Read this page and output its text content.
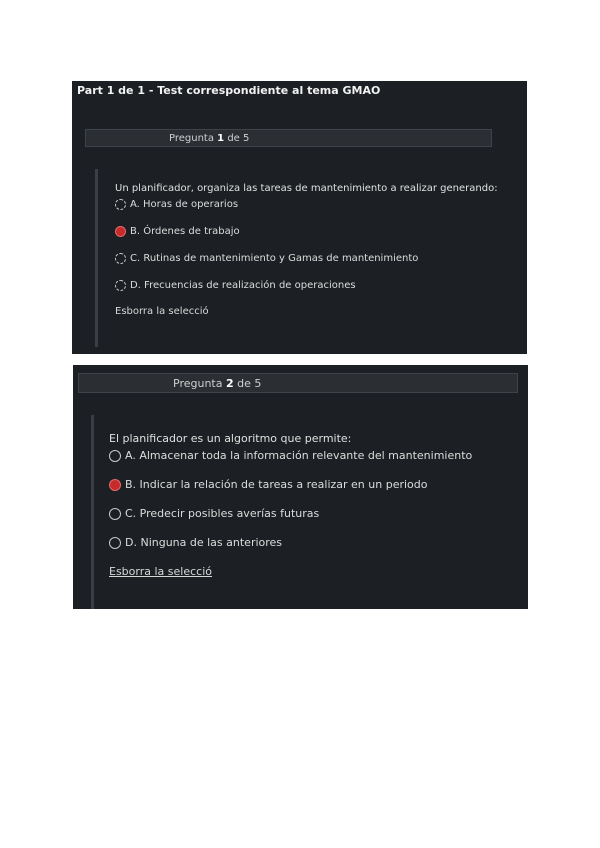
Part 1 de 1 - Test correspondiente al tema GMAO
Pregunta 1 de 5
Un planificador, organiza las tareas de mantenimiento a realizar generando:
A. Horas de operarios
B. Órdenes de trabajo
C. Rutinas de mantenimiento y Gamas de mantenimiento
D. Frecuencias de realización de operaciones
Esborra la selecció
Pregunta 2 de 5
El planificador es un algoritmo que permite:
A. Almacenar toda la información relevante del mantenimiento
B. Indicar la relación de tareas a realizar en un periodo
C. Predecir posibles averías futuras
D. Ninguna de las anteriores
Esborra la selecció
